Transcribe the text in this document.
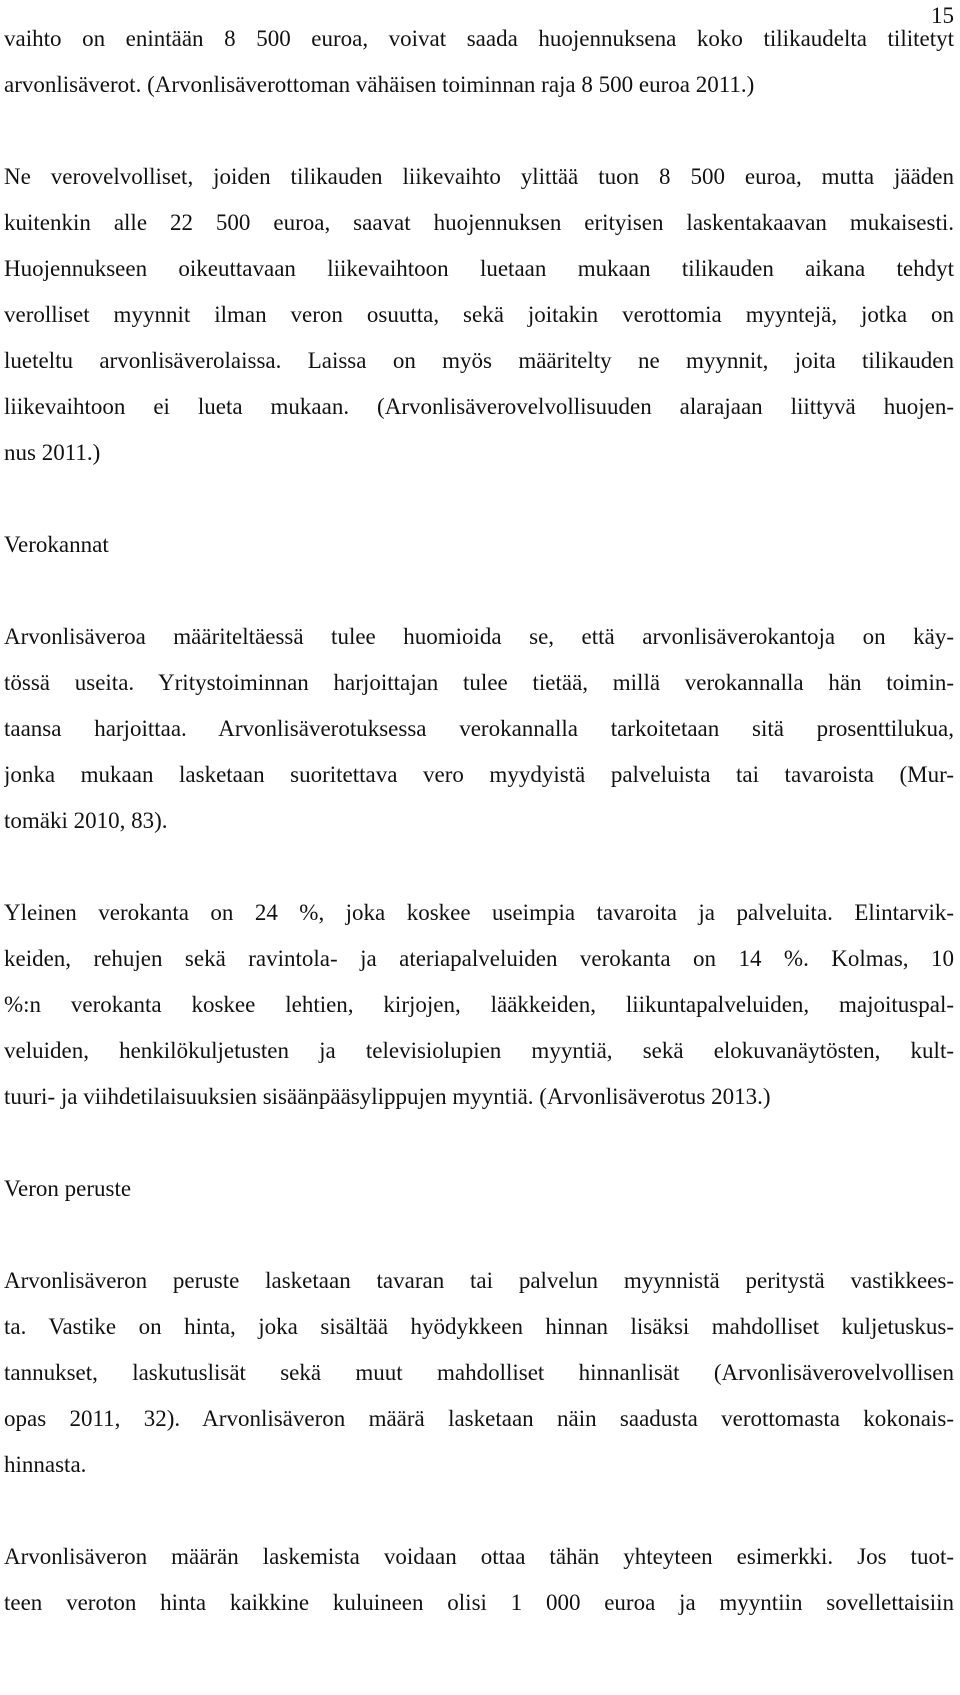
15
vaihto on enintään 8 500 euroa, voivat saada huojennuksena koko tilikaudelta tilitetyt
arvonlisäverot. (Arvonlisäverottoman vähäisen toiminnan raja 8 500 euroa 2011.)
Ne verovelvolliset, joiden tilikauden liikevaihto ylittää tuon 8 500 euroa, mutta jääden
kuitenkin alle 22 500 euroa, saavat huojennuksen erityisen laskentakaavan mukaisesti.
Huojennukseen oikeuttavaan liikevaihtoon luetaan mukaan tilikauden aikana tehdyt
verolliset myynnit ilman veron osuutta, sekä joitakin verottomia myyntejä, jotka on
lueteltu arvonlisäverolaissa. Laissa on myös määritelty ne myynnit, joita tilikauden
liikevaihtoon ei lueta mukaan. (Arvonlisäverovelvollisuuden alarajaan liittyvä huojen-
nus 2011.)
Verokannat
Arvonlisäveroa määriteltäessä tulee huomioida se, että arvonlisäverokantoja on käy-
tössä useita. Yritystoiminnan harjoittajan tulee tietää, millä verokannalla hän toimin-
taansa harjoittaa. Arvonlisäverotuksessa verokannalla tarkoitetaan sitä prosenttilukua,
jonka mukaan lasketaan suoritettava vero myydyistä palveluista tai tavaroista (Mur-
tomäki 2010, 83).
Yleinen verokanta on 24 %, joka koskee useimpia tavaroita ja palveluita. Elintarvik-
keiden, rehujen sekä ravintola- ja ateriapalveluiden verokanta on 14 %. Kolmas, 10
%:n verokanta koskee lehtien, kirjojen, lääkkeiden, liikuntapalveluiden, majoituspal-
veluiden, henkilökuljetusten ja televisiolupien myyntiä, sekä elokuvanäytösten, kult-
tuuri- ja viihdetilaisuuksien sisäänpääsylippujen myyntiä. (Arvonlisäverotus 2013.)
Veron peruste
Arvonlisäveron peruste lasketaan tavaran tai palvelun myynnistä peritystä vastikkees-
ta. Vastike on hinta, joka sisältää hyödykkeen hinnan lisäksi mahdolliset kuljetuskus-
tannukset, laskutuslisät sekä muut mahdolliset hinnanlisät (Arvonlisäverovelvollisen
opas 2011, 32). Arvonlisäveron määrä lasketaan näin saadusta verottomasta kokonais-
hinnasta.
Arvonlisäveron määrän laskemista voidaan ottaa tähän yhteyteen esimerkki. Jos tuot-
teen veroton hinta kaikkine kuluineen olisi 1 000 euroa ja myyntiin sovellettaisiin
